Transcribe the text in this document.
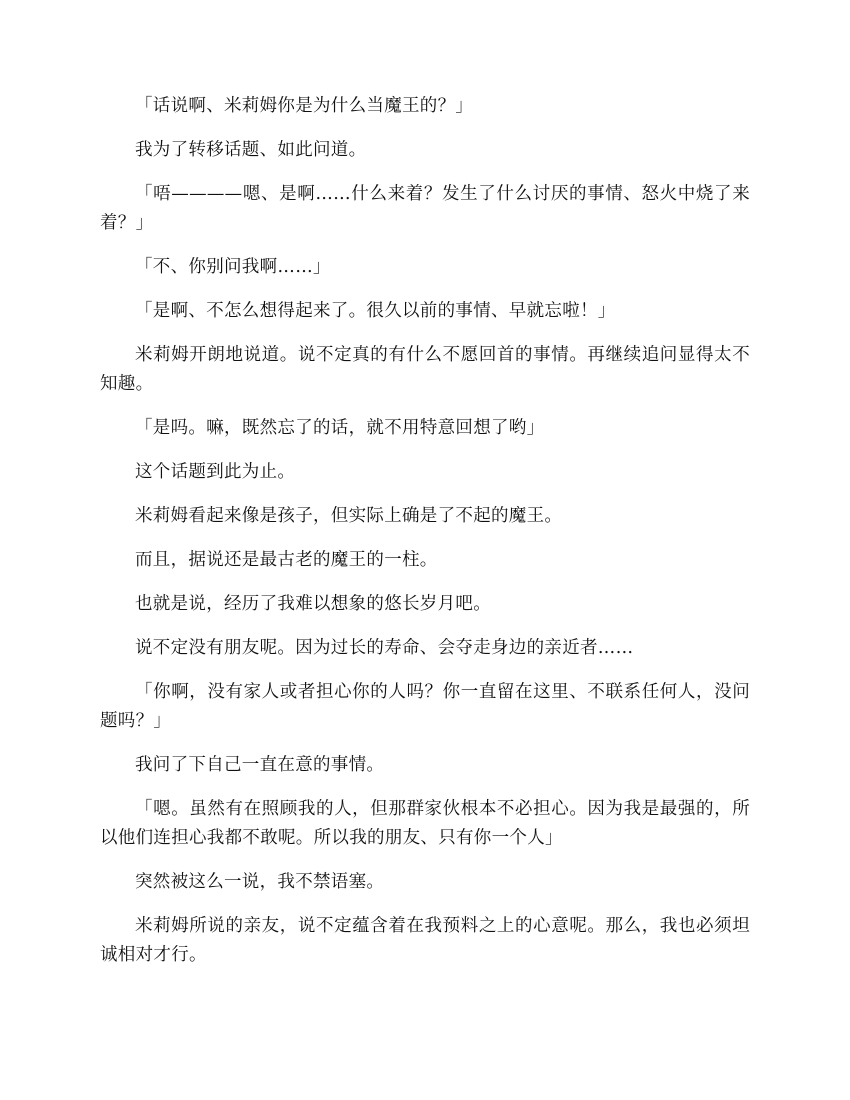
「话说啊、米莉姆你是为什么当魔王的？」

我为了转移话题、如此问道。

「唔————嗯、是啊……什么来着？发生了什么讨厌的事情、怒火中烧了来着？」

「不、你别问我啊……」

「是啊、不怎么想得起来了。很久以前的事情、早就忘啦！」

米莉姆开朗地说道。说不定真的有什么不愿回首的事情。再继续追问显得太不知趣。

「是吗。嘛，既然忘了的话，就不用特意回想了哟」

这个话题到此为止。

米莉姆看起来像是孩子，但实际上确是了不起的魔王。

而且，据说还是最古老的魔王的一柱。

也就是说，经历了我难以想象的悠长岁月吧。

说不定没有朋友呢。因为过长的寿命、会夺走身边的亲近者……

「你啊，没有家人或者担心你的人吗？你一直留在这里、不联系任何人，没问题吗？」

我问了下自己一直在意的事情。

「嗯。虽然有在照顾我的人，但那群家伙根本不必担心。因为我是最强的，所以他们连担心我都不敢呢。所以我的朋友、只有你一个人」

突然被这么一说，我不禁语塞。

米莉姆所说的亲友，说不定蕴含着在我预料之上的心意呢。那么，我也必须坦诚相对才行。
